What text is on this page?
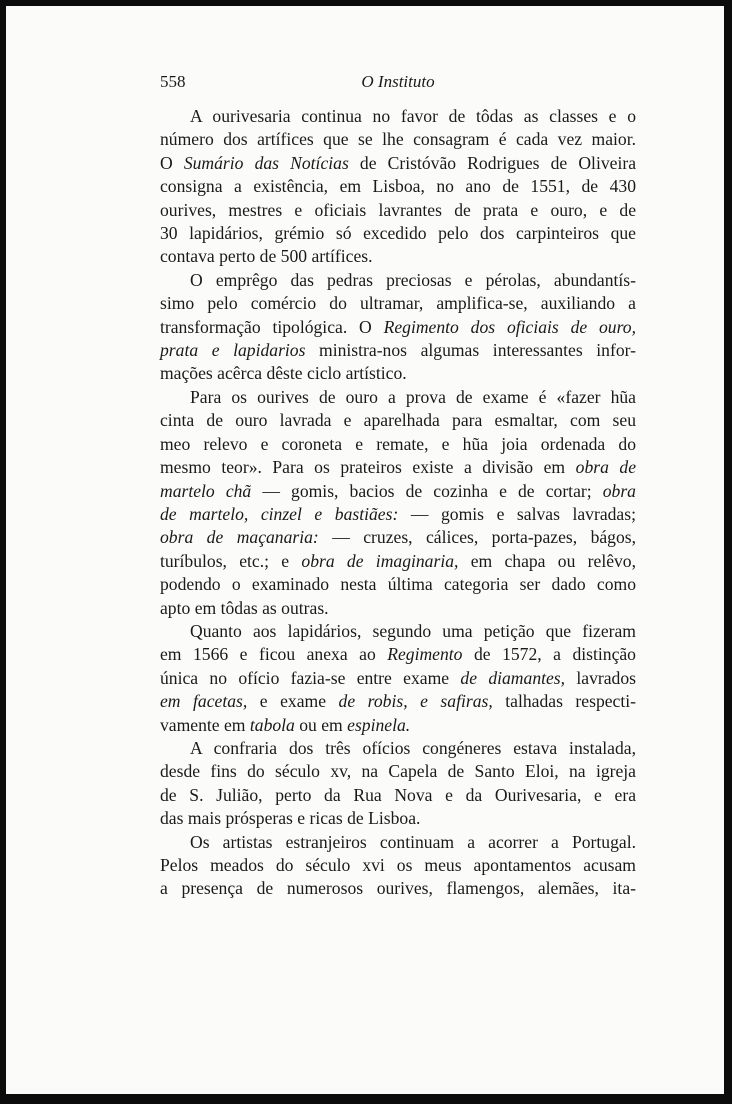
558	O Instituto

A ourivesaria continua no favor de tôdas as classes e o
número dos artífices que se lhe consagram é cada vez maior.
O Sumário das Notícias de Cristóvão Rodrigues de Oliveira
consigna a existência, em Lisboa, no ano de 1551, de 430
ourives, mestres e oficiais lavrantes de prata e ouro, e de
30 lapidários, grémio só excedido pelo dos carpinteiros que
contava perto de 500 artífices.

O emprêgo das pedras preciosas e pérolas, abundantís-
simo pelo comércio do ultramar, amplifica-se, auxiliando a
transformação tipológica. O Regimento dos oficiais de ouro,
prata e lapidarios ministra-nos algumas interessantes infor-
mações acêrca dêste ciclo artístico.

Para os ourives de ouro a prova de exame é «fazer hũa
cinta de ouro lavrada e aparelhada para esmaltar, com seu
meo relevo e coroneta e remate, e hũa joia ordenada do
mesmo teor». Para os prateiros existe a divisão em obra de
martelo chã — gomis, bacios de cozinha e de cortar; obra
de martelo, cinzel e bastiães: — gomis e salvas lavradas;
obra de maçanaria: — cruzes, cálices, porta-pazes, bágos,
turíbulos, etc.; e obra de imaginaria, em chapa ou relêvo,
podendo o examinado nesta última categoria ser dado como
apto em tôdas as outras.

Quanto aos lapidários, segundo uma petição que fizeram
em 1566 e ficou anexa ao Regimento de 1572, a distinção
única no ofício fazia-se entre exame de diamantes, lavrados
em facetas, e exame de robis, e safiras, talhadas respecti-
vamente em tabola ou em espinela.

A confraria dos três ofícios congéneres estava instalada,
desde fins do século xv, na Capela de Santo Eloi, na igreja
de S. Julião, perto da Rua Nova e da Ourivesaria, e era
das mais prósperas e ricas de Lisboa.

Os artistas estranjeiros continuam a acorrer a Portugal.
Pelos meados do século xvi os meus apontamentos acusam
a presença de numerosos ourives, flamengos, alemães, ita-
